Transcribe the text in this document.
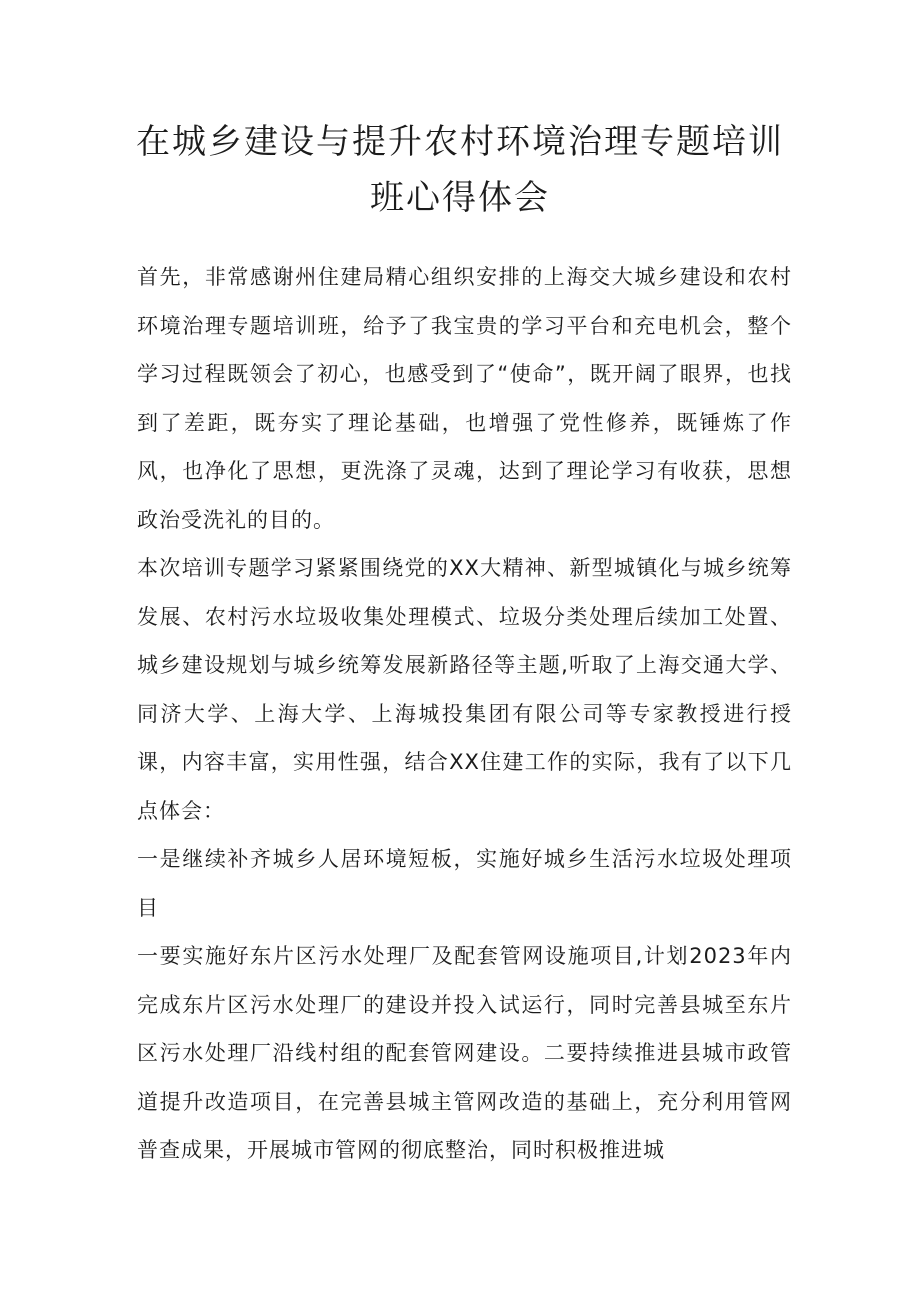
在城乡建设与提升农村环境治理专题培训班心得体会

首先，非常感谢州住建局精心组织安排的上海交大城乡建设和农村环境治理专题培训班，给予了我宝贵的学习平台和充电机会，整个学习过程既领会了初心，也感受到了“使命”，既开阔了眼界，也找到了差距，既夯实了理论基础，也增强了党性修养，既锤炼了作风，也净化了思想，更洗涤了灵魂，达到了理论学习有收获，思想政治受洗礼的目的。

本次培训专题学习紧紧围绕党的XX大精神、新型城镇化与城乡统筹发展、农村污水垃圾收集处理模式、垃圾分类处理后续加工处置、城乡建设规划与城乡统筹发展新路径等主题,听取了上海交通大学、同济大学、上海大学、上海城投集团有限公司等专家教授进行授课，内容丰富，实用性强，结合XX住建工作的实际，我有了以下几点体会：

一是继续补齐城乡人居环境短板，实施好城乡生活污水垃圾处理项目

一要实施好东片区污水处理厂及配套管网设施项目,计划2023年内完成东片区污水处理厂的建设并投入试运行，同时完善县城至东片区污水处理厂沿线村组的配套管网建设。二要持续推进县城市政管道提升改造项目，在完善县城主管网改造的基础上，充分利用管网普查成果，开展城市管网的彻底整治，同时积极推进城
